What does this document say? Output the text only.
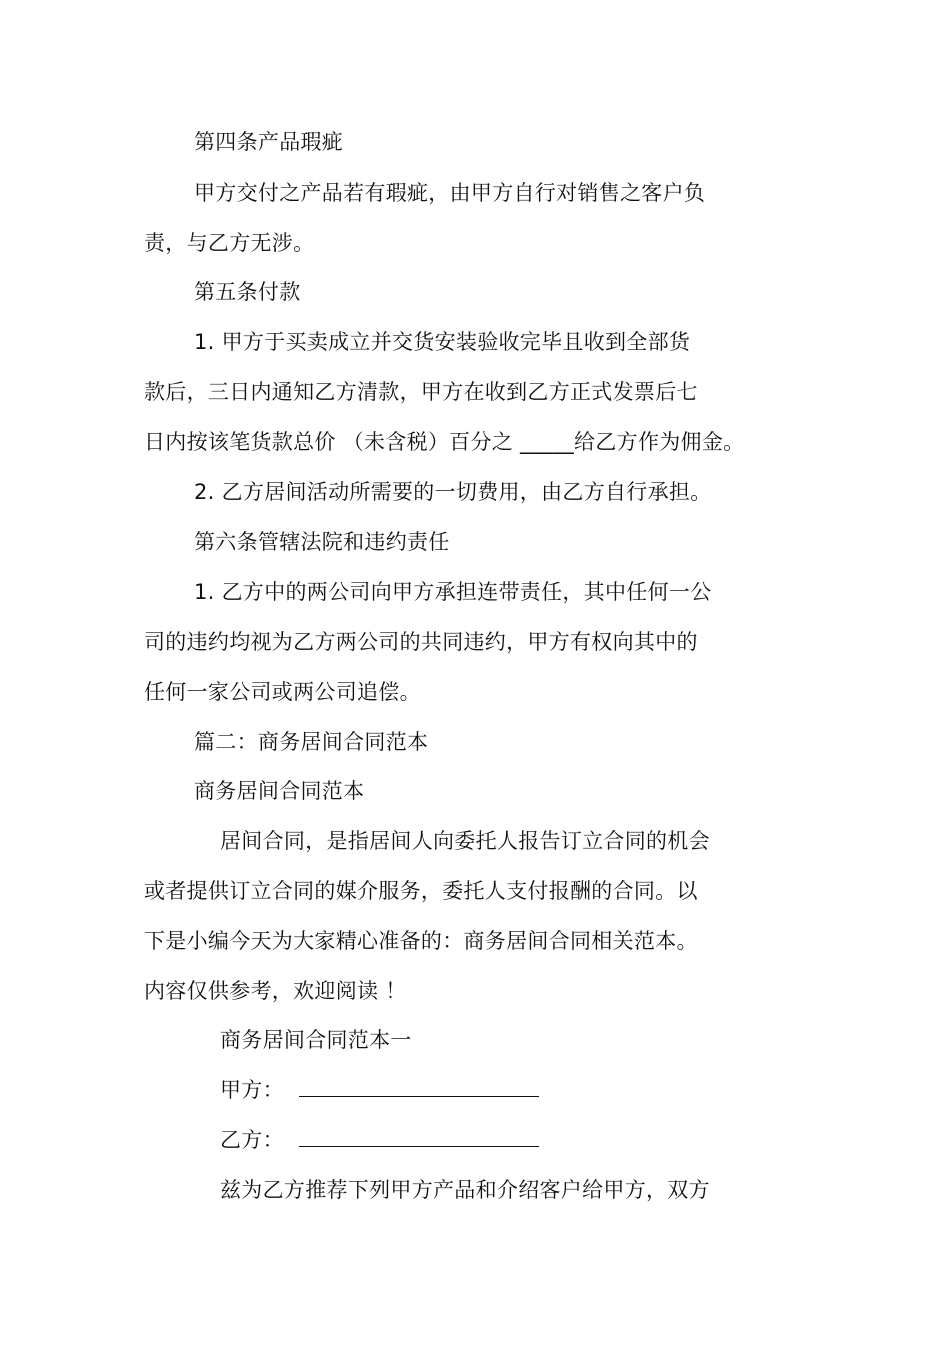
第四条产品瑕疵
甲方交付之产品若有瑕疵，由甲方自行对销售之客户负
责，与乙方无涉。
第五条付款
1. 甲方于买卖成立并交货安装验收完毕且收到全部货
款后，三日内通知乙方清款，甲方在收到乙方正式发票后七
日内按该笔货款总价 （未含税）百分之 _____给乙方作为佣金。
2. 乙方居间活动所需要的一切费用，由乙方自行承担。
第六条管辖法院和违约责任
1. 乙方中的两公司向甲方承担连带责任，其中任何一公
司的违约均视为乙方两公司的共同违约，甲方有权向其中的
任何一家公司或两公司追偿。
篇二：商务居间合同范本
商务居间合同范本
居间合同，是指居间人向委托人报告订立合同的机会
或者提供订立合同的媒介服务，委托人支付报酬的合同。以
下是小编今天为大家精心准备的：商务居间合同相关范本。
内容仅供参考，欢迎阅读 ！
商务居间合同范本一
甲方：
乙方：
兹为乙方推荐下列甲方产品和介绍客户给甲方，双方
